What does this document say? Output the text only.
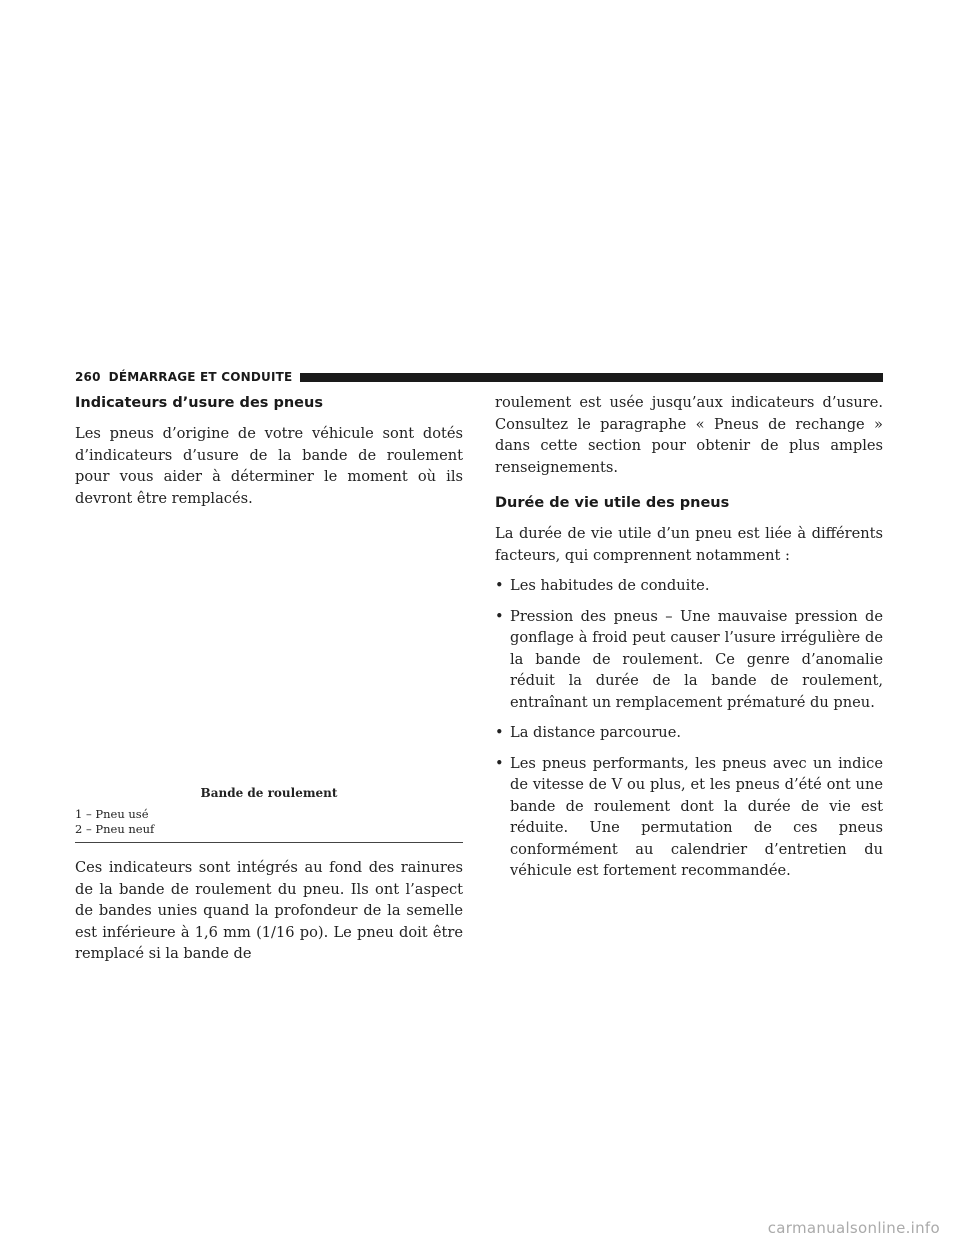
260 DÉMARRAGE ET CONDUITE
Indicateurs d’usure des pneus

Les pneus d’origine de votre véhicule sont dotés d’indicateurs d’usure de la bande de roulement pour vous aider à déterminer le moment où ils devront être remplacés.

Bande de roulement
1 – Pneu usé
2 – Pneu neuf

Ces indicateurs sont intégrés au fond des rainures de la bande de roulement du pneu. Ils ont l’aspect de bandes unies quand la profondeur de la semelle est inférieure à 1,6 mm (1/16 po). Le pneu doit être remplacé si la bande de

roulement est usée jusqu’aux indicateurs d’usure. Consultez le paragraphe « Pneus de rechange » dans cette section pour obtenir de plus amples renseignements.

Durée de vie utile des pneus

La durée de vie utile d’un pneu est liée à différents facteurs, qui comprennent notamment :

• Les habitudes de conduite.
• Pression des pneus – Une mauvaise pression de gonflage à froid peut causer l’usure irrégulière de la bande de roulement. Ce genre d’anomalie réduit la durée de la bande de roulement, entraînant un remplacement prématuré du pneu.
• La distance parcourue.
• Les pneus performants, les pneus avec un indice de vitesse de V ou plus, et les pneus d’été ont une bande de roulement dont la durée de vie est réduite. Une permutation de ces pneus conformément au calendrier d’entretien du véhicule est fortement recommandée.
carmanualsonline.info
